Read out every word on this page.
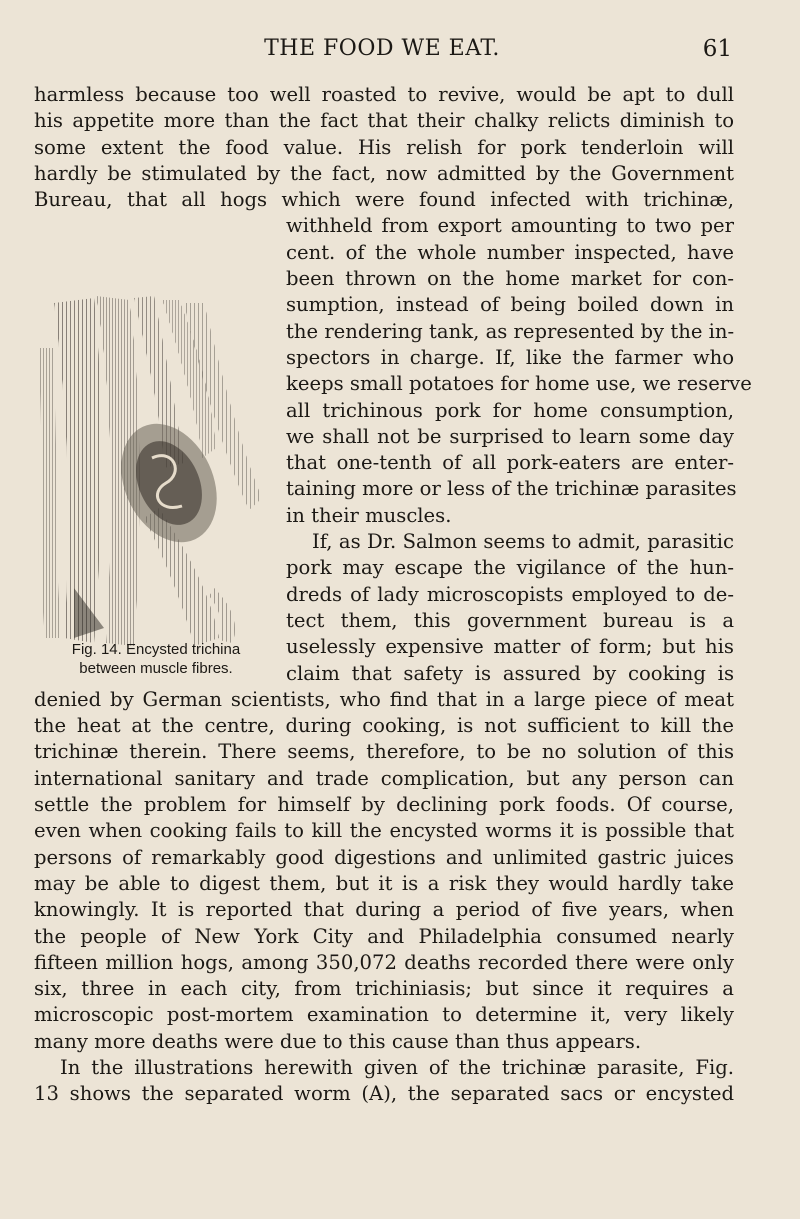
THE FOOD WE EAT.	61
Fig. 14. Encysted trichina
between muscle fibres.
harmless because too well roasted to revive, would be apt to dull
his appetite more than the fact that their chalky relicts diminish to
some extent the food value. His relish for pork tenderloin will
hardly be stimulated by the fact, now admitted by the Government
Bureau, that all hogs which were found infected with trichinæ,
withheld from export amounting to two per
cent. of the whole number inspected, have
been thrown on the home market for con-
sumption, instead of being boiled down in
the rendering tank, as represented by the in-
spectors in charge. If, like the farmer who
keeps small potatoes for home use, we reserve
all trichinous pork for home consumption,
we shall not be surprised to learn some day
that one-tenth of all pork-eaters are enter-
taining more or less of the trichinæ parasites
in their muscles.
If, as Dr. Salmon seems to admit, parasitic
pork may escape the vigilance of the hun-
dreds of lady microscopists employed to de-
tect them, this government bureau is a
uselessly expensive matter of form; but his
claim that safety is assured by cooking is
denied by German scientists, who find that in a large piece of meat
the heat at the centre, during cooking, is not sufficient to kill the
trichinæ therein. There seems, therefore, to be no solution of this
international sanitary and trade complication, but any person can
settle the problem for himself by declining pork foods. Of course,
even when cooking fails to kill the encysted worms it is possible that
persons of remarkably good digestions and unlimited gastric juices
may be able to digest them, but it is a risk they would hardly take
knowingly. It is reported that during a period of five years, when
the people of New York City and Philadelphia consumed nearly
fifteen million hogs, among 350,072 deaths recorded there were only
six, three in each city, from trichiniasis; but since it requires a
microscopic post-mortem examination to determine it, very likely
many more deaths were due to this cause than thus appears.
In the illustrations herewith given of the trichinæ parasite, Fig.
13 shows the separated worm (A), the separated sacs or encysted
